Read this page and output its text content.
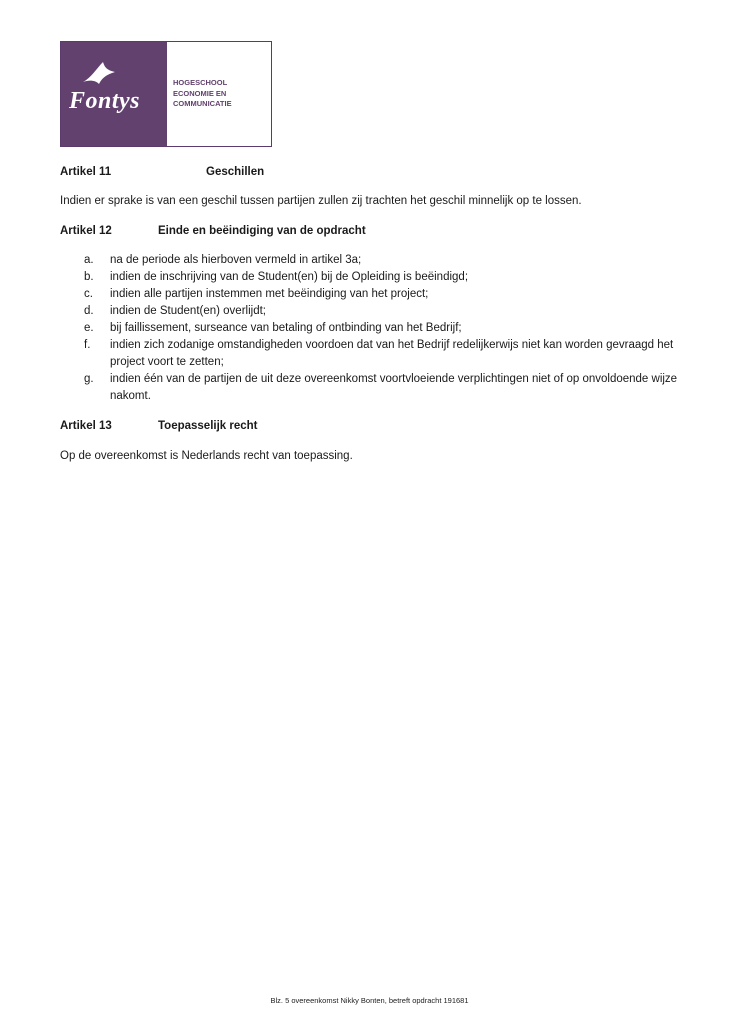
Fontys
HOGESCHOOL
ECONOMIE EN
COMMUNICATIE
Artikel 11	Geschillen
Indien er sprake is van een geschil tussen partijen zullen zij trachten het geschil minnelijk op te lossen.
Artikel 12	Einde en beëindiging van de opdracht
a. na de periode als hierboven vermeld in artikel 3a;
b. indien de inschrijving van de Student(en) bij de Opleiding is beëindigd;
c. indien alle partijen instemmen met beëindiging van het project;
d. indien de Student(en) overlijdt;
e. bij faillissement, surseance van betaling of ontbinding van het Bedrijf;
f. indien zich zodanige omstandigheden voordoen dat van het Bedrijf redelijkerwijs niet kan worden gevraagd het project voort te zetten;
g. indien één van de partijen de uit deze overeenkomst voortvloeiende verplichtingen niet of op onvoldoende wijze nakomt.
Artikel 13	Toepasselijk recht
Op de overeenkomst is Nederlands recht van toepassing.
Blz. 5 overeenkomst Nikky Bonten, betreft opdracht 191681
